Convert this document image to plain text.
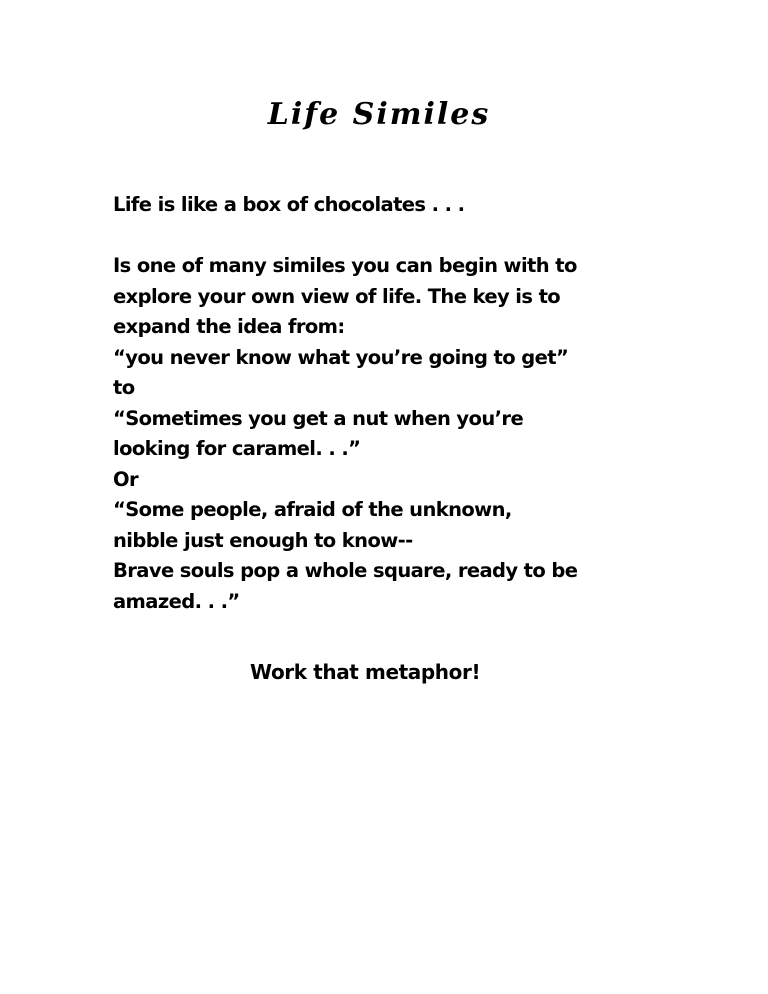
Life Similes
Life is like a box of chocolates . . .
Is one of many similes you can begin with to
explore your own view of life. The key is to
expand the idea from:
“you never know what you’re going to get”
to
“Sometimes you get a nut when you’re
looking for caramel. . .”
Or
“Some people, afraid of the unknown,
nibble just enough to know--
Brave souls pop a whole square, ready to be
amazed. . .”
Work that metaphor!
